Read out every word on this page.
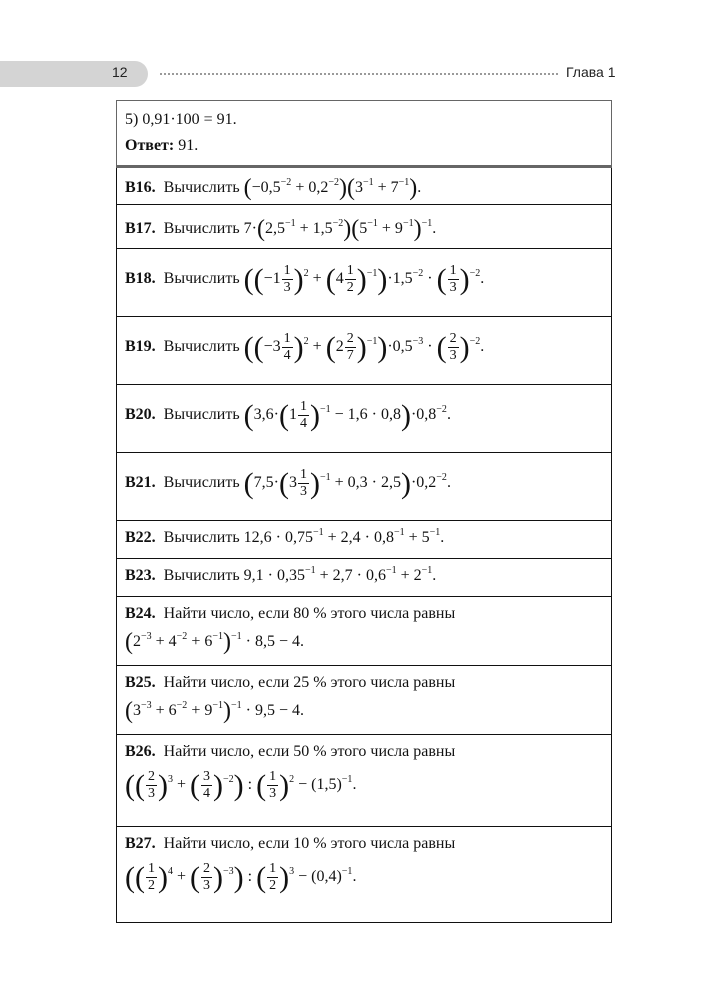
12	Глава 1
5) 0,91·100 = 91.
Ответ: 91.
B16. Вычислить $(-0,5^{-2} + 0,2^{-2})(3^{-1} + 7^{-1})$.
B17. Вычислить $7\cdot(2,5^{-1} + 1,5^{-2})(5^{-1} + 9^{-1})^{-1}$.
B18. Вычислить $((-1 \frac{1}{3} )^2 + (4 \frac{1}{2} )^{-1})\cdot 1,5^{-2}$ · ( $\frac{1}{3} )^{-2}$.
B19. Вычислить $((-3 \frac{1}{4} )^2 + (2 \frac{2}{7} )^{-1})\cdot 0,5^{-3}$ · ( $\frac{2}{3} )^{-2}$.
B20. Вычислить $(3,6\cdot(1 \frac{1}{4} )^{-1} - 1,6 \cdot 0,8)\cdot 0,8^{-2}$.
B21. Вычислить $(7,5\cdot(3 \frac{1}{3} )^{-1} + 0,3 \cdot 2,5)\cdot 0,2^{-2}$.
B22. Вычислить $12,6 \cdot 0,75^{-1} + 2,4 \cdot 0,8^{-1} + 5^{-1}$.
B23. Вычислить $9,1 \cdot 0,35^{-1} + 2,7 \cdot 0,6^{-1} + 2^{-1}$.
B24. Найти число, если 80 % этого числа равны
$(2^{-3} + 4^{-2} + 6^{-1})^{-1} \cdot 8,5 - 4$.
B25. Найти число, если 25 % этого числа равны
$(3^{-3} + 6^{-2} + 9^{-1})^{-1} \cdot 9,5 - 4$.
B26. Найти число, если 50 % этого числа равны
(( $\frac{2}{3} )^3$ + ( $\frac{3}{4} )^{-2}$) : ( $\frac{1}{3} )^2 - (1,5)^{-1}$.
B27. Найти число, если 10 % этого числа равны
(( $\frac{1}{2} )^4$ + ( $\frac{2}{3} )^{-3}$) : ( $\frac{1}{2} )^3 - (0,4)^{-1}$.
